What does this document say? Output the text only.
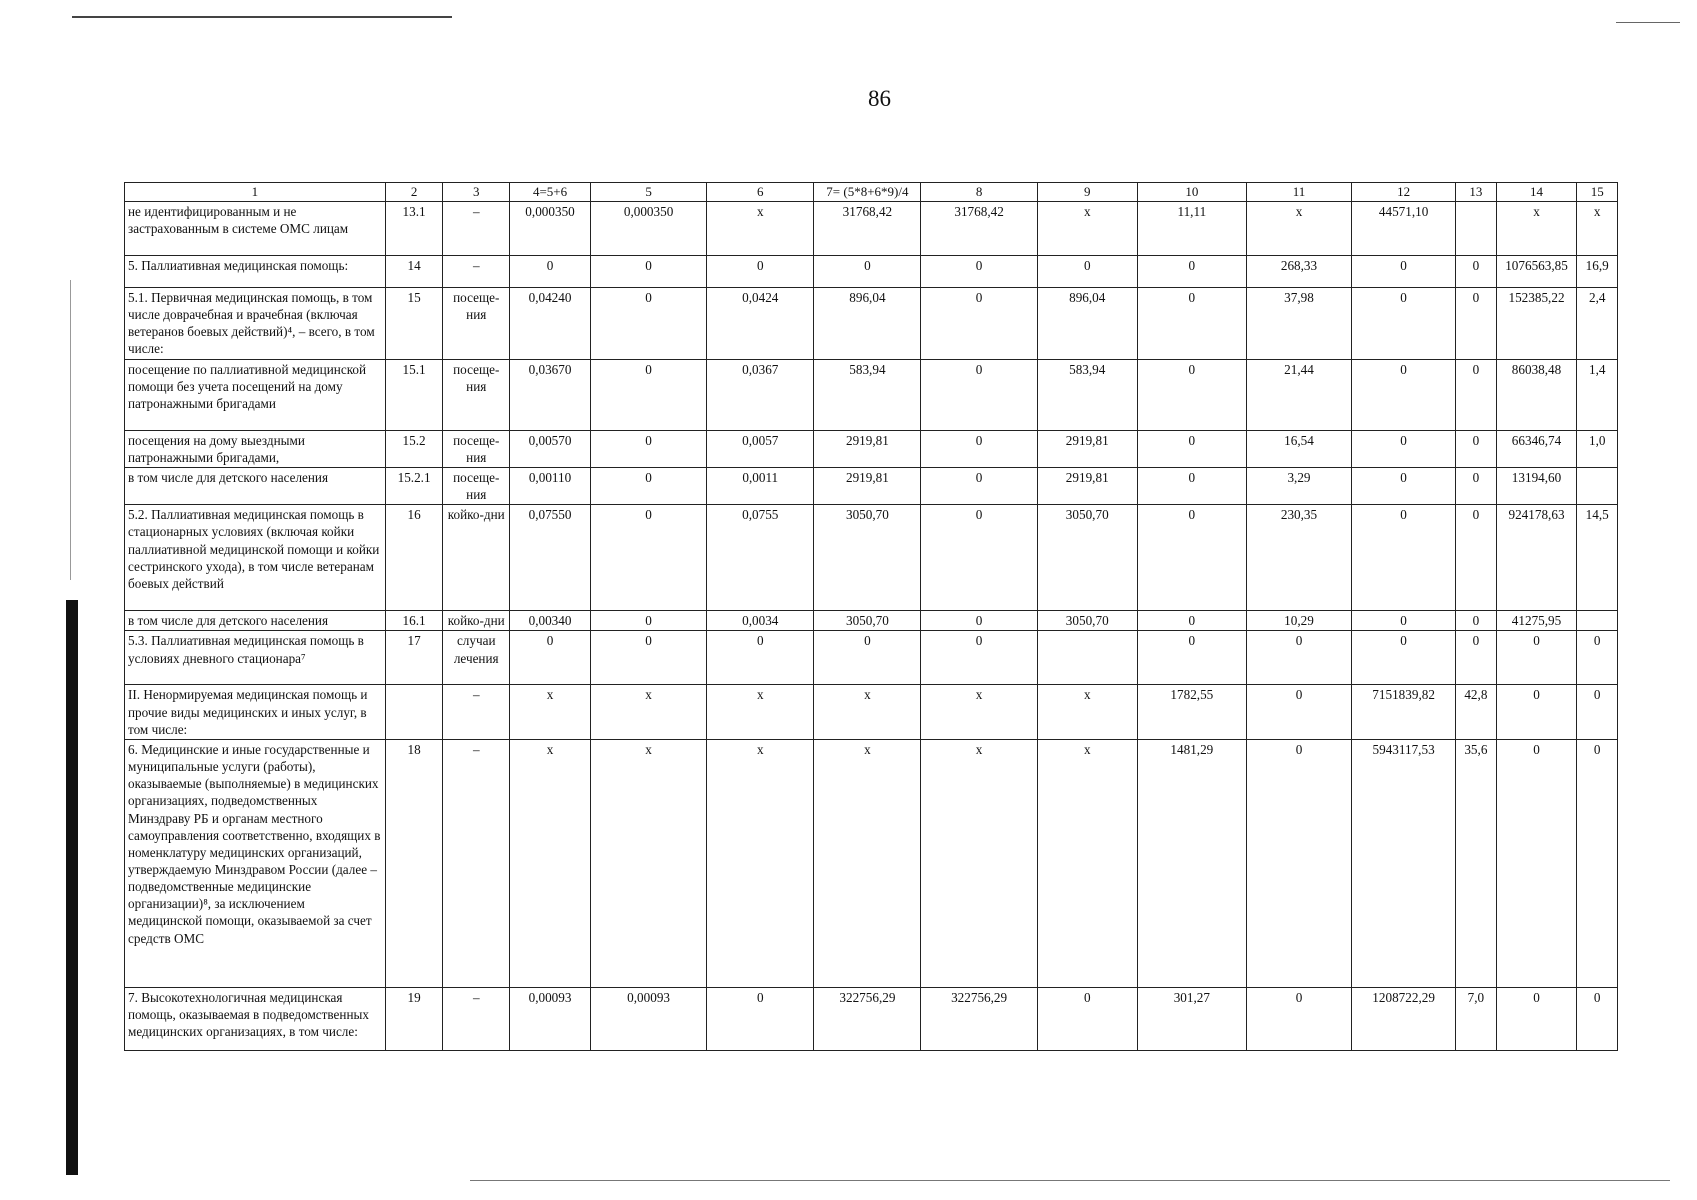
86
1	2	3	4=5+6	5	6	7= (5*8+6*9)/4	8	9	10	11	12	13	14	15
не идентифицированным и не застрахованным в системе ОМС лицам	13.1	–	0,000350	0,000350	х	31768,42	31768,42	х	11,11	х	44571,10		х	х
5. Паллиативная медицинская помощь:	14	–	0	0	0	0	0	0	0	268,33	0	0	1076563,85	16,9
5.1. Первичная медицинская помощь, в том числе доврачебная и врачебная (включая ветеранов боевых действий)⁴, – всего, в том числе:	15	посеще-ния	0,04240	0	0,0424	896,04	0	896,04	0	37,98	0	0	152385,22	2,4
посещение по паллиативной медицинской помощи без учета посещений на дому патронажными бригадами	15.1	посеще-ния	0,03670	0	0,0367	583,94	0	583,94	0	21,44	0	0	86038,48	1,4
посещения на дому выездными патронажными бригадами,	15.2	посеще-ния	0,00570	0	0,0057	2919,81	0	2919,81	0	16,54	0	0	66346,74	1,0
в том числе для детского населения	15.2.1	посеще-ния	0,00110	0	0,0011	2919,81	0	2919,81	0	3,29	0	0	13194,60	
5.2. Паллиативная медицинская помощь в стационарных условиях (включая койки паллиативной медицинской помощи и койки сестринского ухода), в том числе ветеранам боевых действий	16	койко-дни	0,07550	0	0,0755	3050,70	0	3050,70	0	230,35	0	0	924178,63	14,5
в том числе для детского населения	16.1	койко-дни	0,00340	0	0,0034	3050,70	0	3050,70	0	10,29	0	0	41275,95	
5.3. Паллиативная медицинская помощь в условиях дневного стационара⁷	17	случаи лечения	0	0	0	0	0		0	0	0	0	0	0
II. Ненормируемая медицинская помощь и прочие виды медицинских и иных услуг, в том числе:		–	х	х	х	х	х	х	1782,55	0	7151839,82	42,8	0	0
6. Медицинские и иные государственные и муниципальные услуги (работы), оказываемые (выполняемые) в медицинских организациях, подведомственных Минздраву РБ и органам местного самоуправления соответственно, входящих в номенклатуру медицинских организаций, утверждаемую Минздравом России (далее – подведомственные медицинские организации)⁸, за исключением медицинской помощи, оказываемой за счет средств ОМС	18	–	х	х	х	х	х	х	1481,29	0	5943117,53	35,6	0	0
7. Высокотехнологичная медицинская помощь, оказываемая в подведомственных медицинских организациях, в том числе:	19	–	0,00093	0,00093	0	322756,29	322756,29	0	301,27	0	1208722,29	7,0	0	0
